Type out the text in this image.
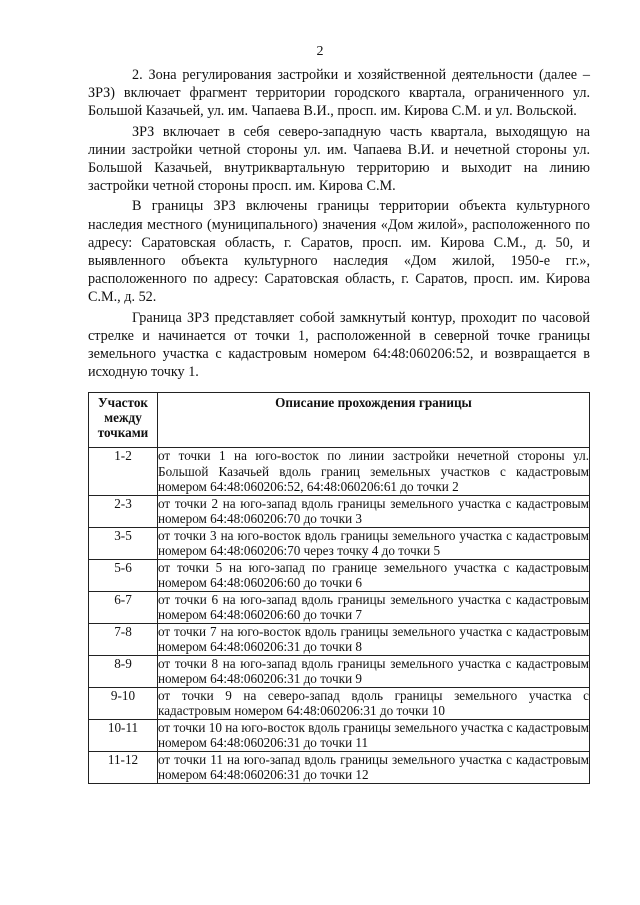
2

2. Зона регулирования застройки и хозяйственной деятельности (далее – ЗРЗ) включает фрагмент территории городского квартала, ограниченного ул. Большой Казачьей, ул. им. Чапаева В.И., просп. им. Кирова С.М. и ул. Вольской.

ЗРЗ включает в себя северо-западную часть квартала, выходящую на линии застройки четной стороны ул. им. Чапаева В.И. и нечетной стороны ул. Большой Казачьей, внутриквартальную территорию и выходит на линию застройки четной стороны просп. им. Кирова С.М.

В границы ЗРЗ включены границы территории объекта культурного наследия местного (муниципального) значения «Дом жилой», расположенного по адресу: Саратовская область, г. Саратов, просп. им. Кирова С.М., д. 50, и выявленного объекта культурного наследия «Дом жилой, 1950-е гг.», расположенного по адресу: Саратовская область, г. Саратов, просп. им. Кирова С.М., д. 52.

Граница ЗРЗ представляет собой замкнутый контур, проходит по часовой стрелке и начинается от точки 1, расположенной в северной точке границы земельного участка с кадастровым номером 64:48:060206:52, и возвращается в исходную точку 1.

Участок между точками	Описание прохождения границы
1-2	от точки 1 на юго-восток по линии застройки нечетной стороны ул. Большой Казачьей вдоль границ земельных участков с кадастровым номером 64:48:060206:52, 64:48:060206:61 до точки 2
2-3	от точки 2 на юго-запад вдоль границы земельного участка с кадастровым номером 64:48:060206:70 до точки 3
3-5	от точки 3 на юго-восток вдоль границы земельного участка с кадастровым номером 64:48:060206:70 через точку 4 до точки 5
5-6	от точки 5 на юго-запад по границе земельного участка с кадастровым номером 64:48:060206:60 до точки 6
6-7	от точки 6 на юго-запад вдоль границы земельного участка с кадастровым номером 64:48:060206:60 до точки 7
7-8	от точки 7 на юго-восток вдоль границы земельного участка с кадастровым номером 64:48:060206:31 до точки 8
8-9	от точки 8 на юго-запад вдоль границы земельного участка с кадастровым номером 64:48:060206:31 до точки 9
9-10	от точки 9 на северо-запад вдоль границы земельного участка с кадастровым номером 64:48:060206:31 до точки 10
10-11	от точки 10 на юго-восток вдоль границы земельного участка с кадастровым номером 64:48:060206:31 до точки 11
11-12	от точки 11 на юго-запад вдоль границы земельного участка с кадастровым номером 64:48:060206:31 до точки 12
